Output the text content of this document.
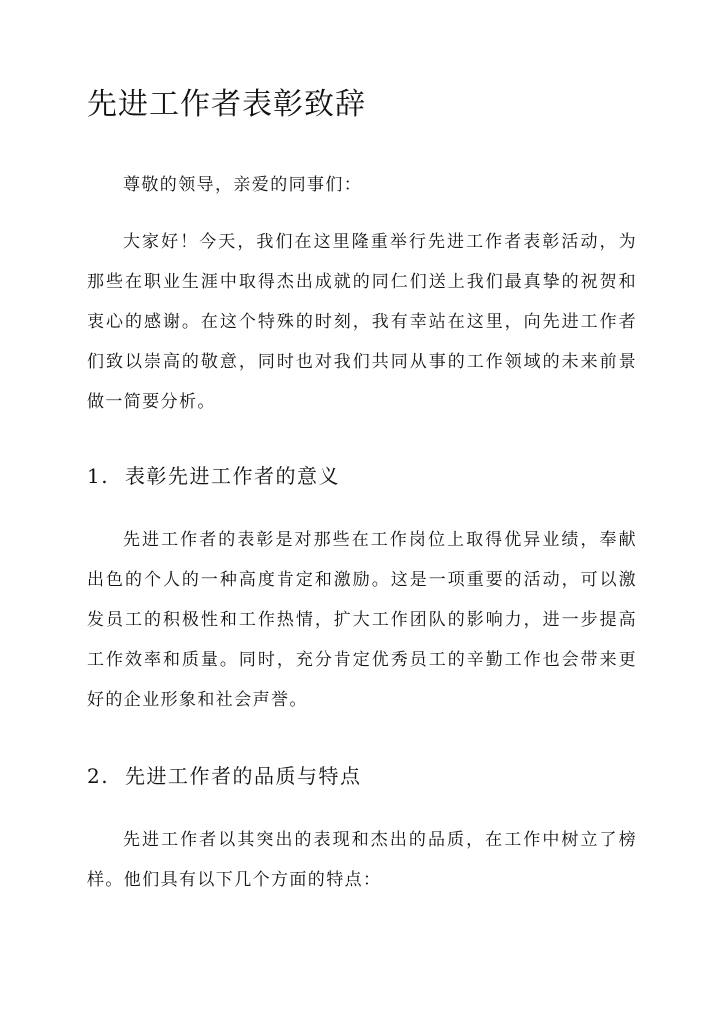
先进工作者表彰致辞

尊敬的领导，亲爱的同事们：

大家好！今天，我们在这里隆重举行先进工作者表彰活动，为那些在职业生涯中取得杰出成就的同仁们送上我们最真挚的祝贺和衷心的感谢。在这个特殊的时刻，我有幸站在这里，向先进工作者们致以崇高的敬意，同时也对我们共同从事的工作领域的未来前景做一简要分析。

1. 表彰先进工作者的意义

先进工作者的表彰是对那些在工作岗位上取得优异业绩，奉献出色的个人的一种高度肯定和激励。这是一项重要的活动，可以激发员工的积极性和工作热情，扩大工作团队的影响力，进一步提高工作效率和质量。同时，充分肯定优秀员工的辛勤工作也会带来更好的企业形象和社会声誉。

2. 先进工作者的品质与特点

先进工作者以其突出的表现和杰出的品质，在工作中树立了榜样。他们具有以下几个方面的特点：
